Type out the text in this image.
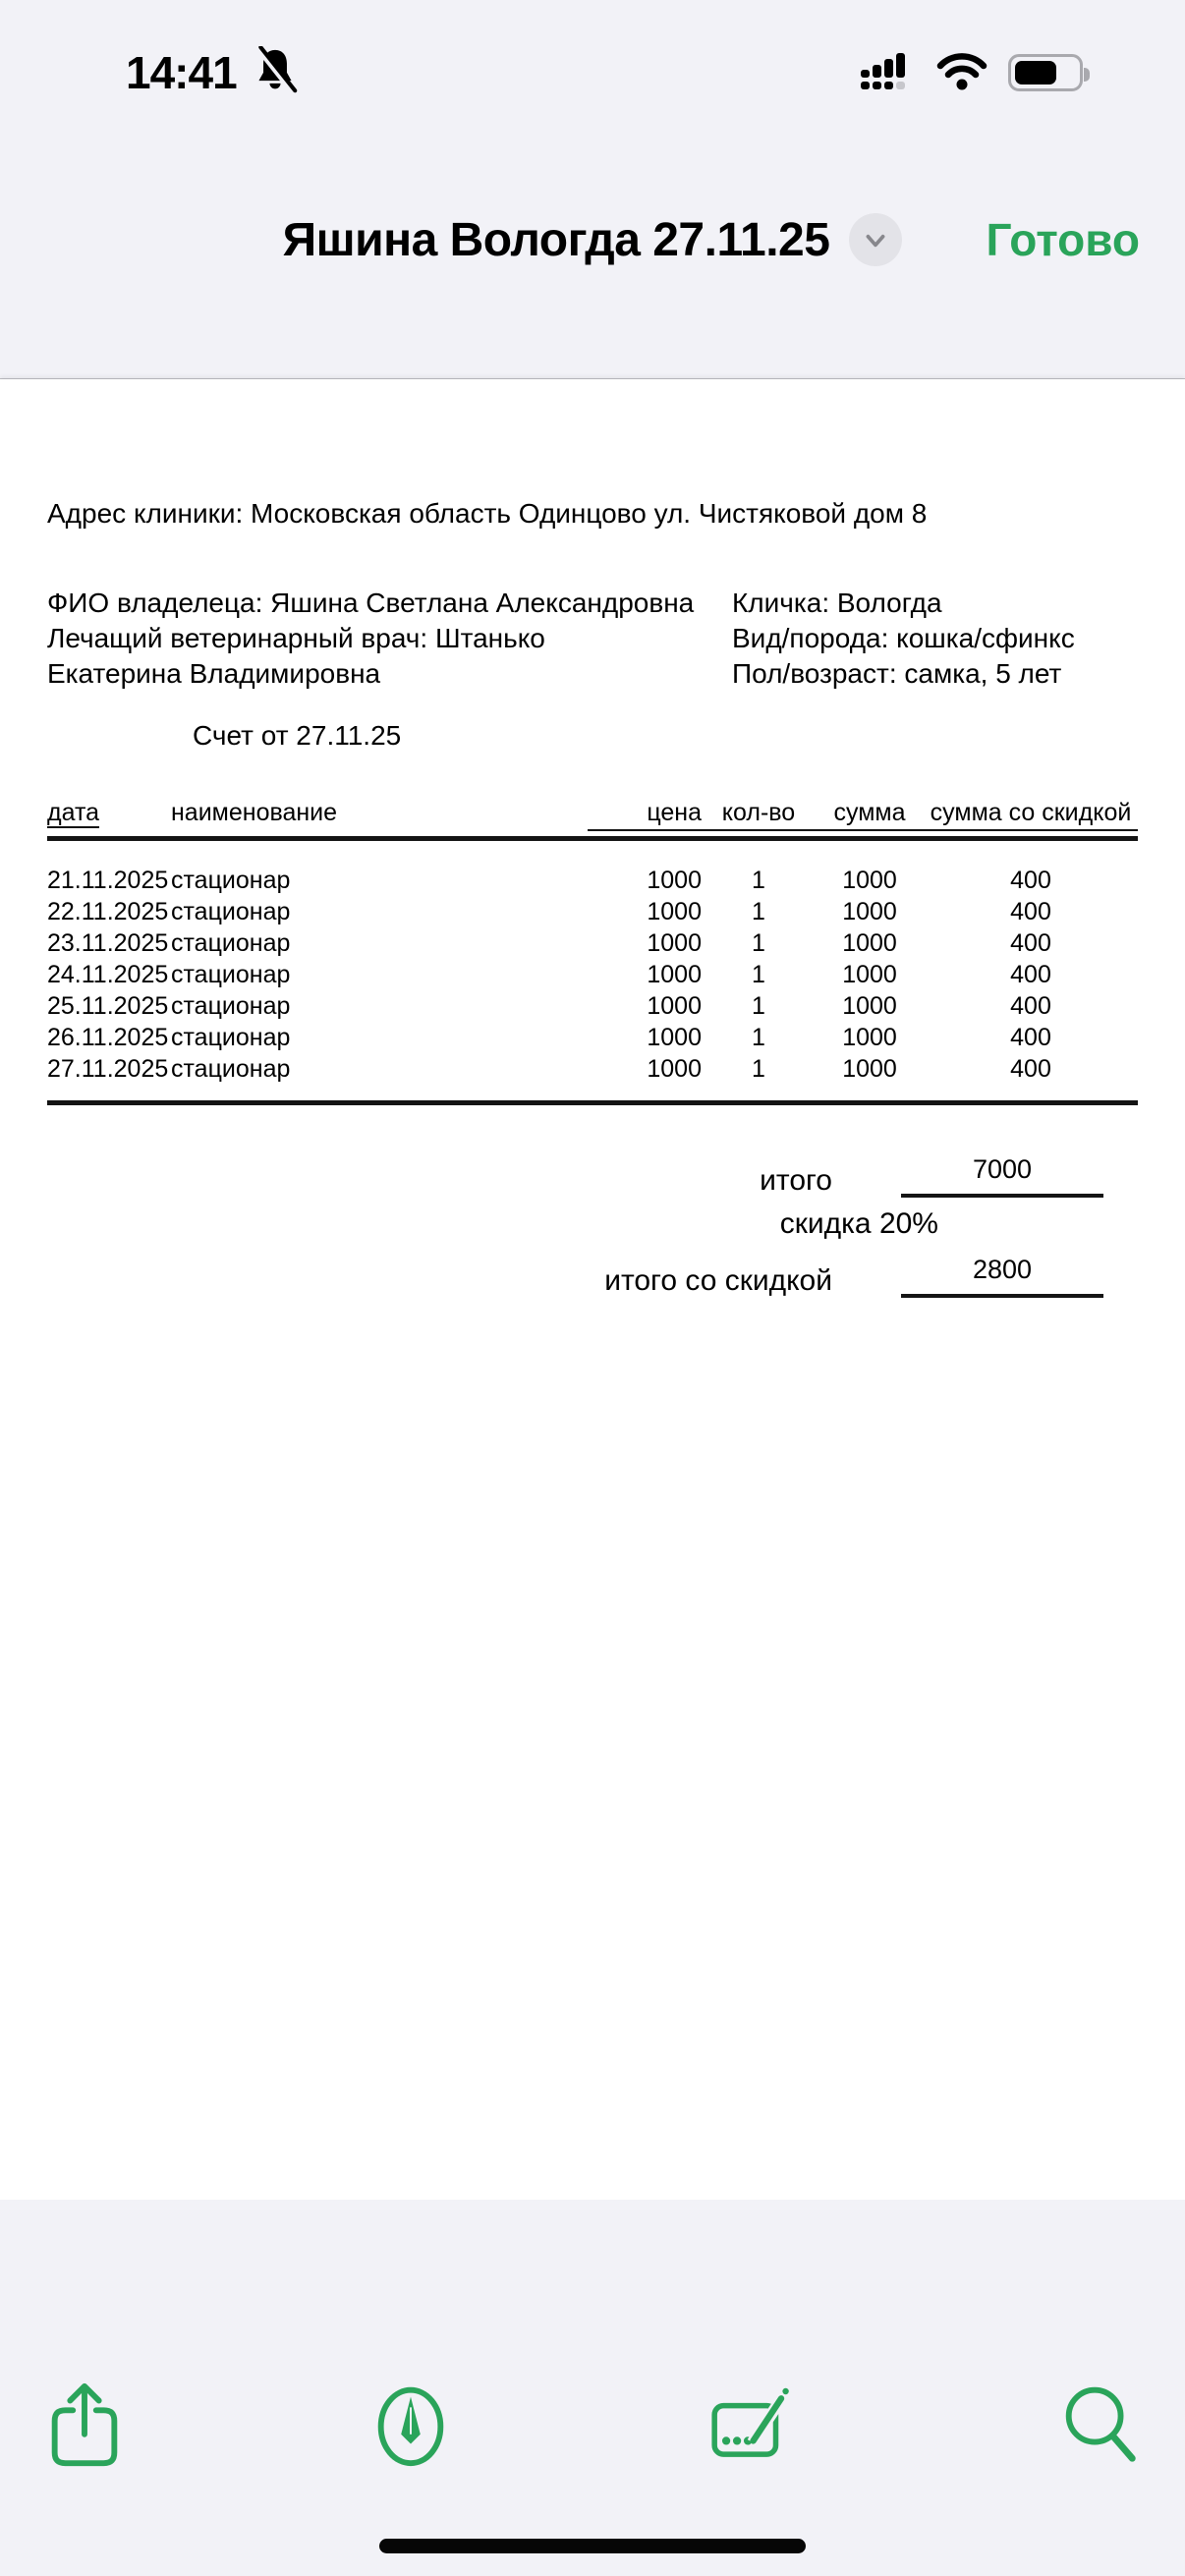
14:41
Яшина Вологда 27.11.25	Готово

Адрес клиники: Московская область Одинцово ул. Чистяковой дом 8

ФИО владелеца: Яшина Светлана Александровна

Лечащий ветеринарный врач: Штанько Екатерина Владимировна

Кличка: Вологда

Вид/порода: кошка/сфинкс

Пол/возраст: самка, 5 лет

Счет от 27.11.25

дата	наименование	цена кол-во	сумма	сумма со скидкой
21.11.2025 стационар	1000	1	1000	400
22.11.2025 стационар	1000	1	1000	400
23.11.2025 стационар	1000	1	1000	400
24.11.2025 стационар	1000	1	1000	400
25.11.2025 стационар	1000	1	1000	400
26.11.2025 стационар	1000	1	1000	400
27.11.2025 стационар	1000	1	1000	400
итого	7000
скидка 20%
итого со скидкой	2800
